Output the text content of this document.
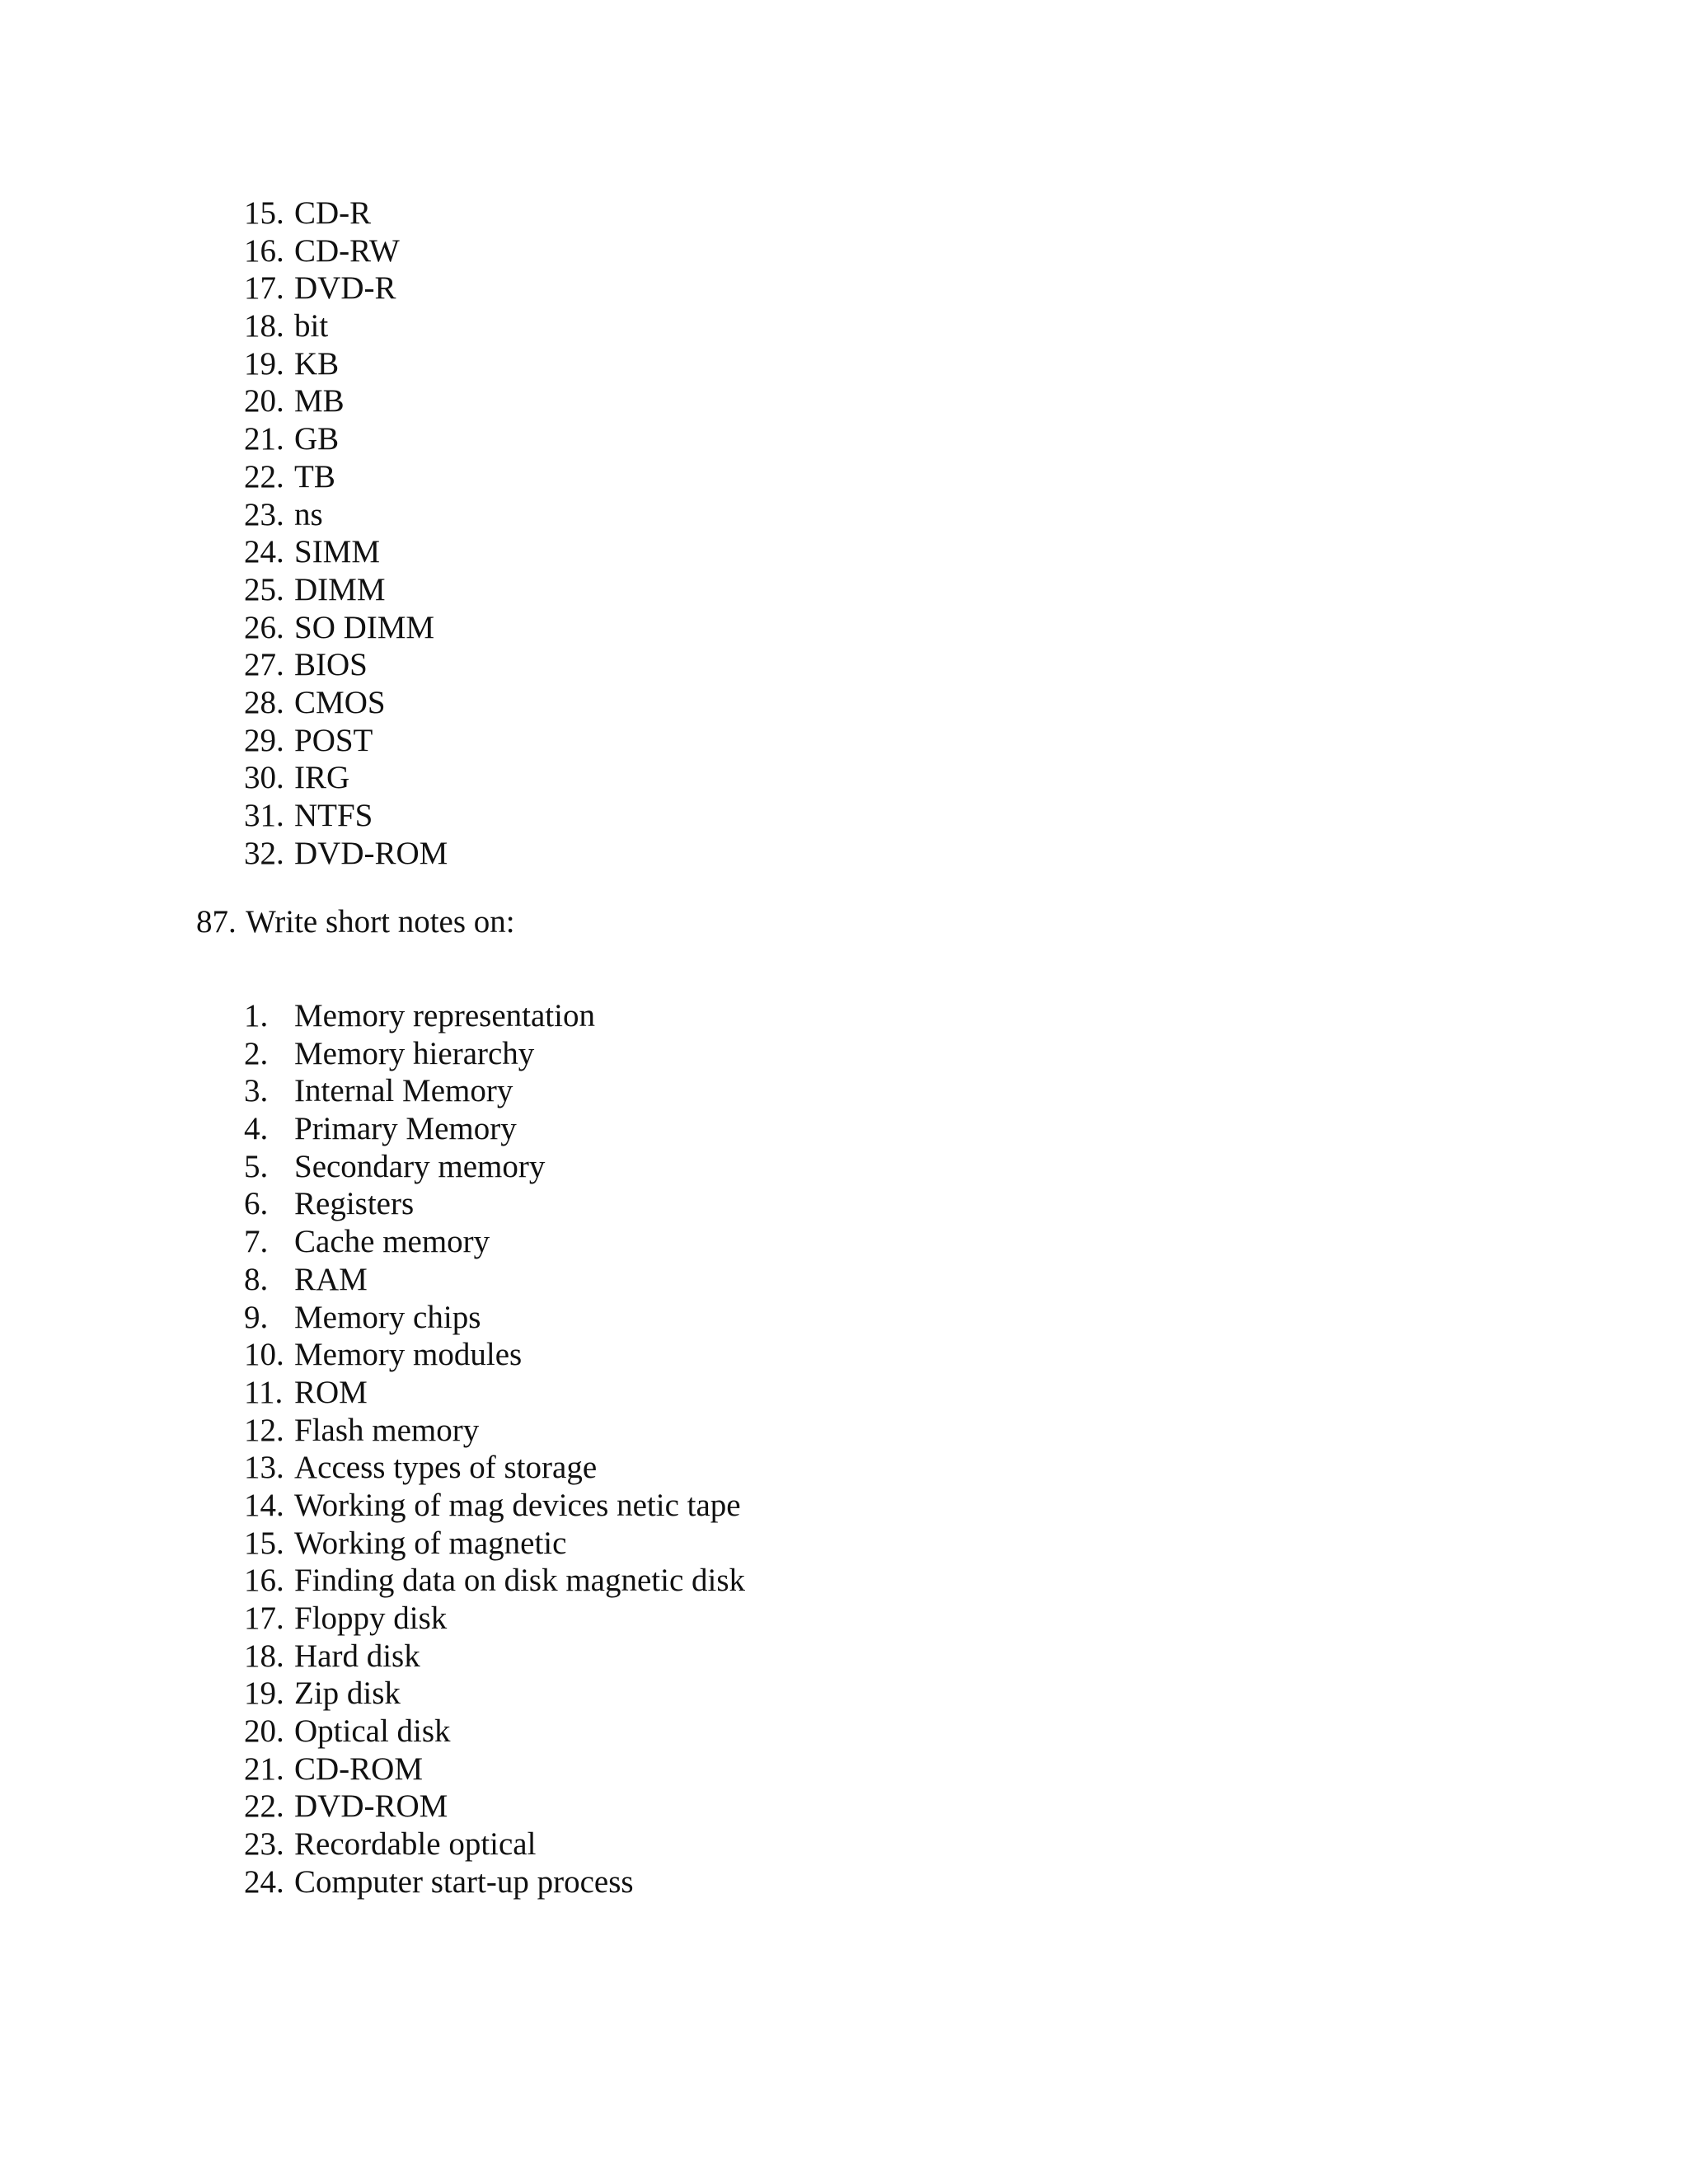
15. CD-R
16. CD-RW
17. DVD-R
18. bit
19. KB
20. MB
21. GB
22. TB
23. ns
24. SIMM
25. DIMM
26. SO DIMM
27. BIOS
28. CMOS
29. POST
30. IRG
31. NTFS
32. DVD-ROM
87. Write short notes on:
1. Memory representation
2. Memory hierarchy
3. Internal Memory
4. Primary Memory
5. Secondary memory
6. Registers
7. Cache memory
8. RAM
9. Memory chips
10. Memory modules
11. ROM
12. Flash memory
13. Access types of storage
14. Working of mag devices netic tape
15. Working of magnetic
16. Finding data on disk magnetic disk
17. Floppy disk
18. Hard disk
19. Zip disk
20. Optical disk
21. CD-ROM
22. DVD-ROM
23. Recordable optical
24. Computer start-up process
